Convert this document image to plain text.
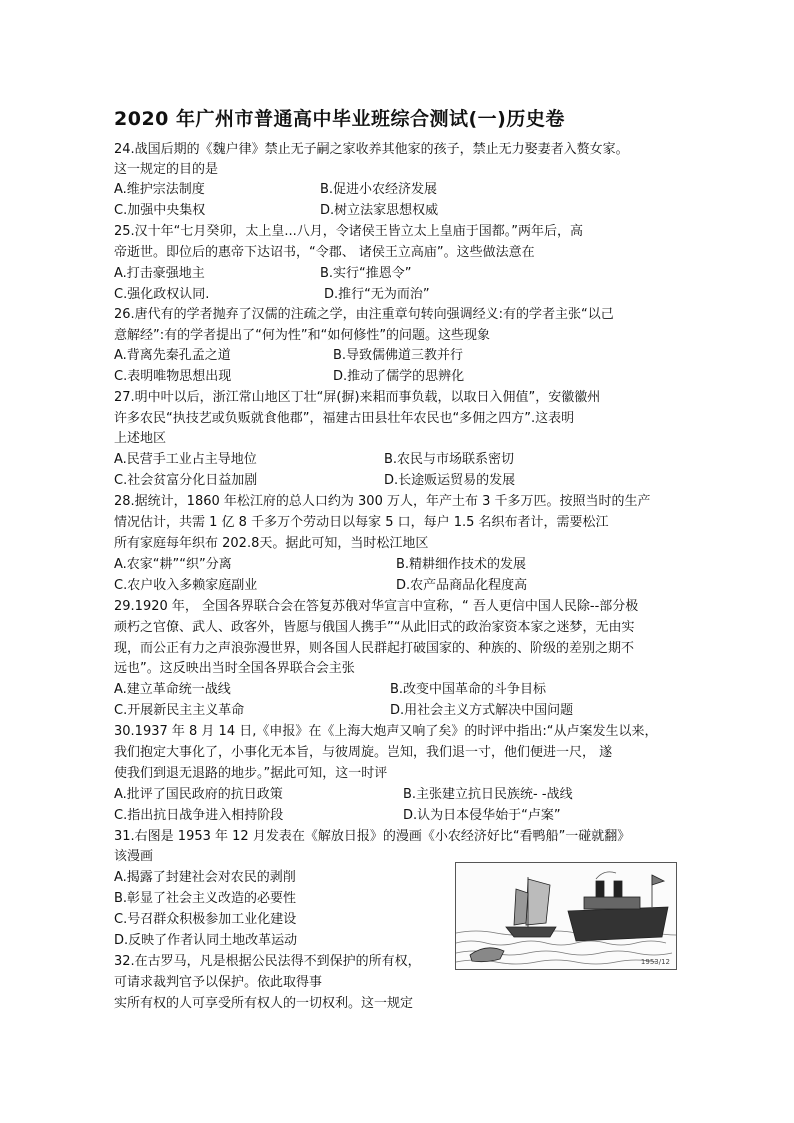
2020 年广州市普通高中毕业班综合测试(一)历史卷
24.战国后期的《魏户律》禁止无子嗣之家收养其他家的孩子，禁止无力娶妻者入赘女家。
这一规定的目的是
A.维护宗法制度	B.促进小农经济发展
C.加强中央集权	D.树立法家思想权威
25.汉十年“七月癸卯，太上皇...八月，令诸侯王皆立太上皇庙于国都。”两年后，高
帝逝世。即位后的惠帝下达诏书，“令郡、 诸侯王立高庙”。这些做法意在
A.打击豪强地主	B.实行“推恩令”
C.强化政权认同.	D.推行“无为而治”
26.唐代有的学者抛弃了汉儒的注疏之学，由注重章句转向强调经义:有的学者主张“以己
意解经”:有的学者提出了“何为性”和“如何修性”的问题。这些现象
A.背离先秦孔孟之道	B.导致儒佛道三教并行
C.表明唯物思想出现	D.推动了儒学的思辨化
27.明中叶以后，浙江常山地区丁壮“屏(摒)来耜而事负载，以取日入佣值”，安徽徽州
许多农民“执技艺或负贩就食他郡”，福建古田县壮年农民也“多佣之四方”.这表明
上述地区
A.民营手工业占主导地位	B.农民与市场联系密切
C.社会贫富分化日益加剧	D.长途贩运贸易的发展
28.据统计，1860 年松江府的总人口约为 300 万人，年产土布 3 千多万匹。按照当时的生产
情况估计，共需 1 亿 8 千多万个劳动日以每家 5 口，每户 1.5 名织布者计，需要松江
所有家庭每年织布 202.8天。据此可知，当时松江地区
A.农家“耕”“织”分离	B.精耕细作技术的发展
C.农户收入多赖家庭副业	D.农产品商品化程度高
29.1920 年， 全国各界联合会在答复苏俄对华宣言中宣称，“ 吾人更信中国人民除--部分极
顽朽之官僚、武人、政客外，皆愿与俄国人携手”“从此旧式的政治家资本家之迷梦，无由实
现，而公正有力之声浪弥漫世界，则各国人民群起打破国家的、种族的、阶级的差别之期不
远也”。这反映出当时全国各界联合会主张
A.建立革命统一战线	B.改变中国革命的斗争目标
C.开展新民主主义革命	D.用社会主义方式解决中国问题
30.1937 年 8 月 14 日,《申报》在《上海大炮声又响了矣》的时评中指出:“从卢案发生以来，
我们抱定大事化了，小事化无本旨，与彼周旋。岂知，我们退一寸，他们便进一尺， 遂
使我们到退无退路的地步。”据此可知，这一时评
A.批评了国民政府的抗日政策	B.主张建立抗日民族统- -战线
C.指出抗日战争进入相持阶段	D.认为日本侵华始于“卢案”
31.右图是 1953 年 12 月发表在《解放日报》的漫画《小农经济好比“看鸭船”一碰就翻》
该漫画
A.揭露了封建社会对农民的剥削
B.彰显了社会主义改造的必要性
C.号召群众积极参加工业化建设
D.反映了作者认同土地改革运动
1953/12
32.在古罗马，凡是根据公民法得不到保护的所有权，
可请求裁判官予以保护。依此取得事
实所有权的人可享受所有权人的一切权利。这一规定
